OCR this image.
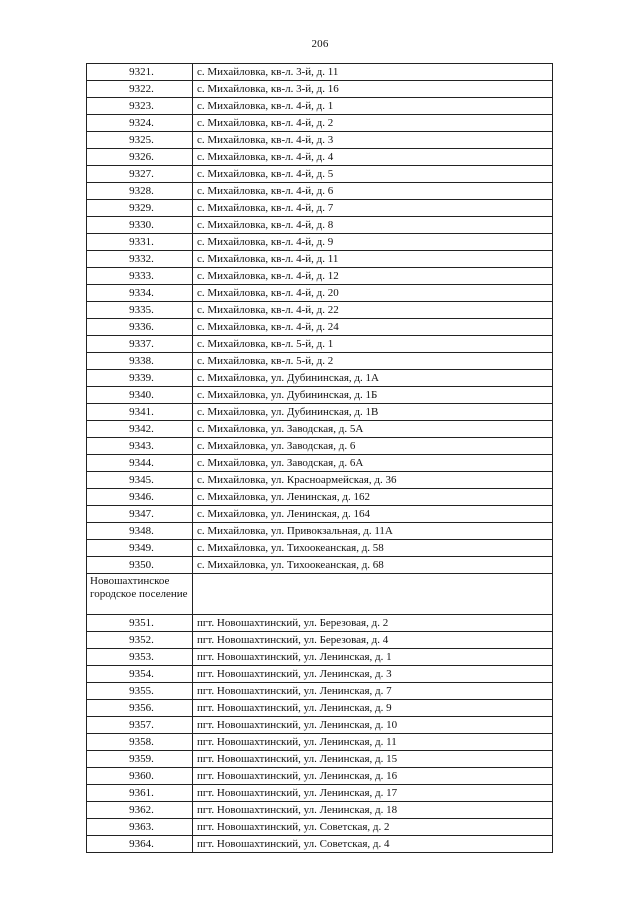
206
9321.	с. Михайловка, кв-л. 3-й, д. 11
9322.	с. Михайловка, кв-л. 3-й, д. 16
9323.	с. Михайловка, кв-л. 4-й, д. 1
9324.	с. Михайловка, кв-л. 4-й, д. 2
9325.	с. Михайловка, кв-л. 4-й, д. 3
9326.	с. Михайловка, кв-л. 4-й, д. 4
9327.	с. Михайловка, кв-л. 4-й, д. 5
9328.	с. Михайловка, кв-л. 4-й, д. 6
9329.	с. Михайловка, кв-л. 4-й, д. 7
9330.	с. Михайловка, кв-л. 4-й, д. 8
9331.	с. Михайловка, кв-л. 4-й, д. 9
9332.	с. Михайловка, кв-л. 4-й, д. 11
9333.	с. Михайловка, кв-л. 4-й, д. 12
9334.	с. Михайловка, кв-л. 4-й, д. 20
9335.	с. Михайловка, кв-л. 4-й, д. 22
9336.	с. Михайловка, кв-л. 4-й, д. 24
9337.	с. Михайловка, кв-л. 5-й, д. 1
9338.	с. Михайловка, кв-л. 5-й, д. 2
9339.	с. Михайловка, ул. Дубининская, д. 1А
9340.	с. Михайловка, ул. Дубининская, д. 1Б
9341.	с. Михайловка, ул. Дубининская, д. 1В
9342.	с. Михайловка, ул. Заводская, д. 5А
9343.	с. Михайловка, ул. Заводская, д. 6
9344.	с. Михайловка, ул. Заводская, д. 6А
9345.	с. Михайловка, ул. Красноармейская, д. 36
9346.	с. Михайловка, ул. Ленинская, д. 162
9347.	с. Михайловка, ул. Ленинская, д. 164
9348.	с. Михайловка, ул. Привокзальная, д. 11А
9349.	с. Михайловка, ул. Тихоокеанская, д. 58
9350.	с. Михайловка, ул. Тихоокеанская, д. 68
Новошахтинское городское поселение	
9351.	пгт. Новошахтинский, ул. Березовая, д. 2
9352.	пгт. Новошахтинский, ул. Березовая, д. 4
9353.	пгт. Новошахтинский, ул. Ленинская, д. 1
9354.	пгт. Новошахтинский, ул. Ленинская, д. 3
9355.	пгт. Новошахтинский, ул. Ленинская, д. 7
9356.	пгт. Новошахтинский, ул. Ленинская, д. 9
9357.	пгт. Новошахтинский, ул. Ленинская, д. 10
9358.	пгт. Новошахтинский, ул. Ленинская, д. 11
9359.	пгт. Новошахтинский, ул. Ленинская, д. 15
9360.	пгт. Новошахтинский, ул. Ленинская, д. 16
9361.	пгт. Новошахтинский, ул. Ленинская, д. 17
9362.	пгт. Новошахтинский, ул. Ленинская, д. 18
9363.	пгт. Новошахтинский, ул. Советская, д. 2
9364.	пгт. Новошахтинский, ул. Советская, д. 4
